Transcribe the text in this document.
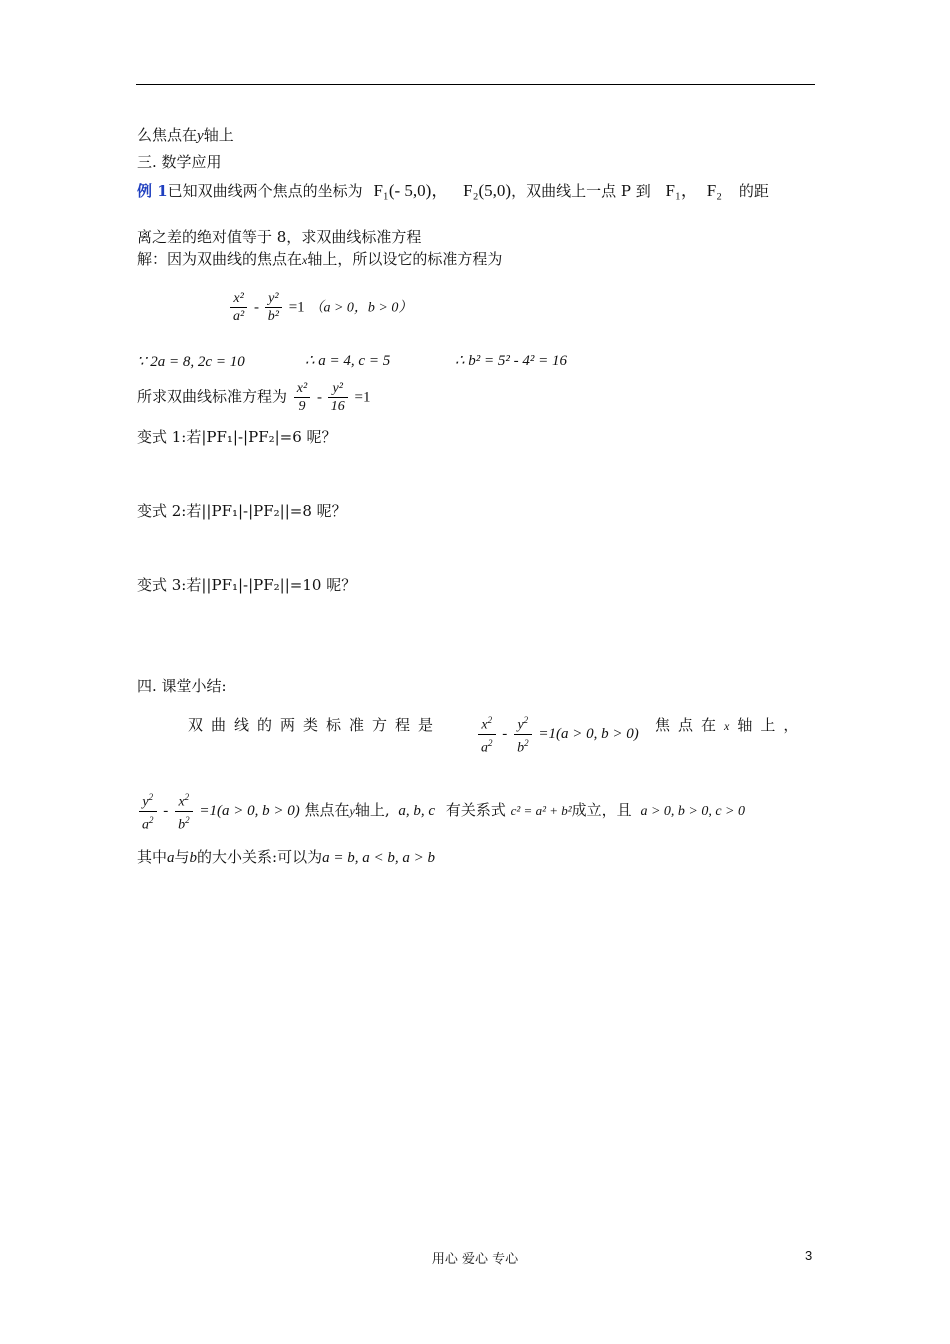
么焦点在y轴上
三. 数学应用
例 1已知双曲线两个焦点的坐标为 F₁(- 5,0)， F₂(5,0)，双曲线上一点 P 到 F₁， F₂ 的距
离之差的绝对值等于 8，求双曲线标准方程
解：因为双曲线的焦点在x轴上，所以设它的标准方程为
$\frac{\text{x²}}{\text{a²}} - \frac{\text{y²}}{\text{b²}} =1$ （a > 0，b > 0）
∵ 2a = 8, 2c = 10	∴ a = 4, c = 5	∴ b² = 5² - 4² = 16
所求双曲线标准方程为 $\frac{\text{x²}}{9} - \frac{\text{y²}}{16} =1$
变式 1:若|PF₁|-|PF₂|=6 呢？
变式 2:若||PF₁|-|PF₂||=8 呢？
变式 3:若||PF₁|-|PF₂||=10 呢？
四. 课堂小结:
双曲线的两类标准方程是	$\frac{x^2}{a^2} - \frac{y^2}{b^2} =1(a > 0$, b > 0)
焦点在x轴上，
$\frac{y^2}{a^2} - \frac{x^2}{b^2} =1(a > 0$, b > 0) 焦点在y轴上, a, b, c 有关系式 c² = a² + b²成立，且 a > 0, b > 0, c > 0
其中a与b的大小关系:可以为a = b, a < b, a > b
用心 爱心 专心	3
